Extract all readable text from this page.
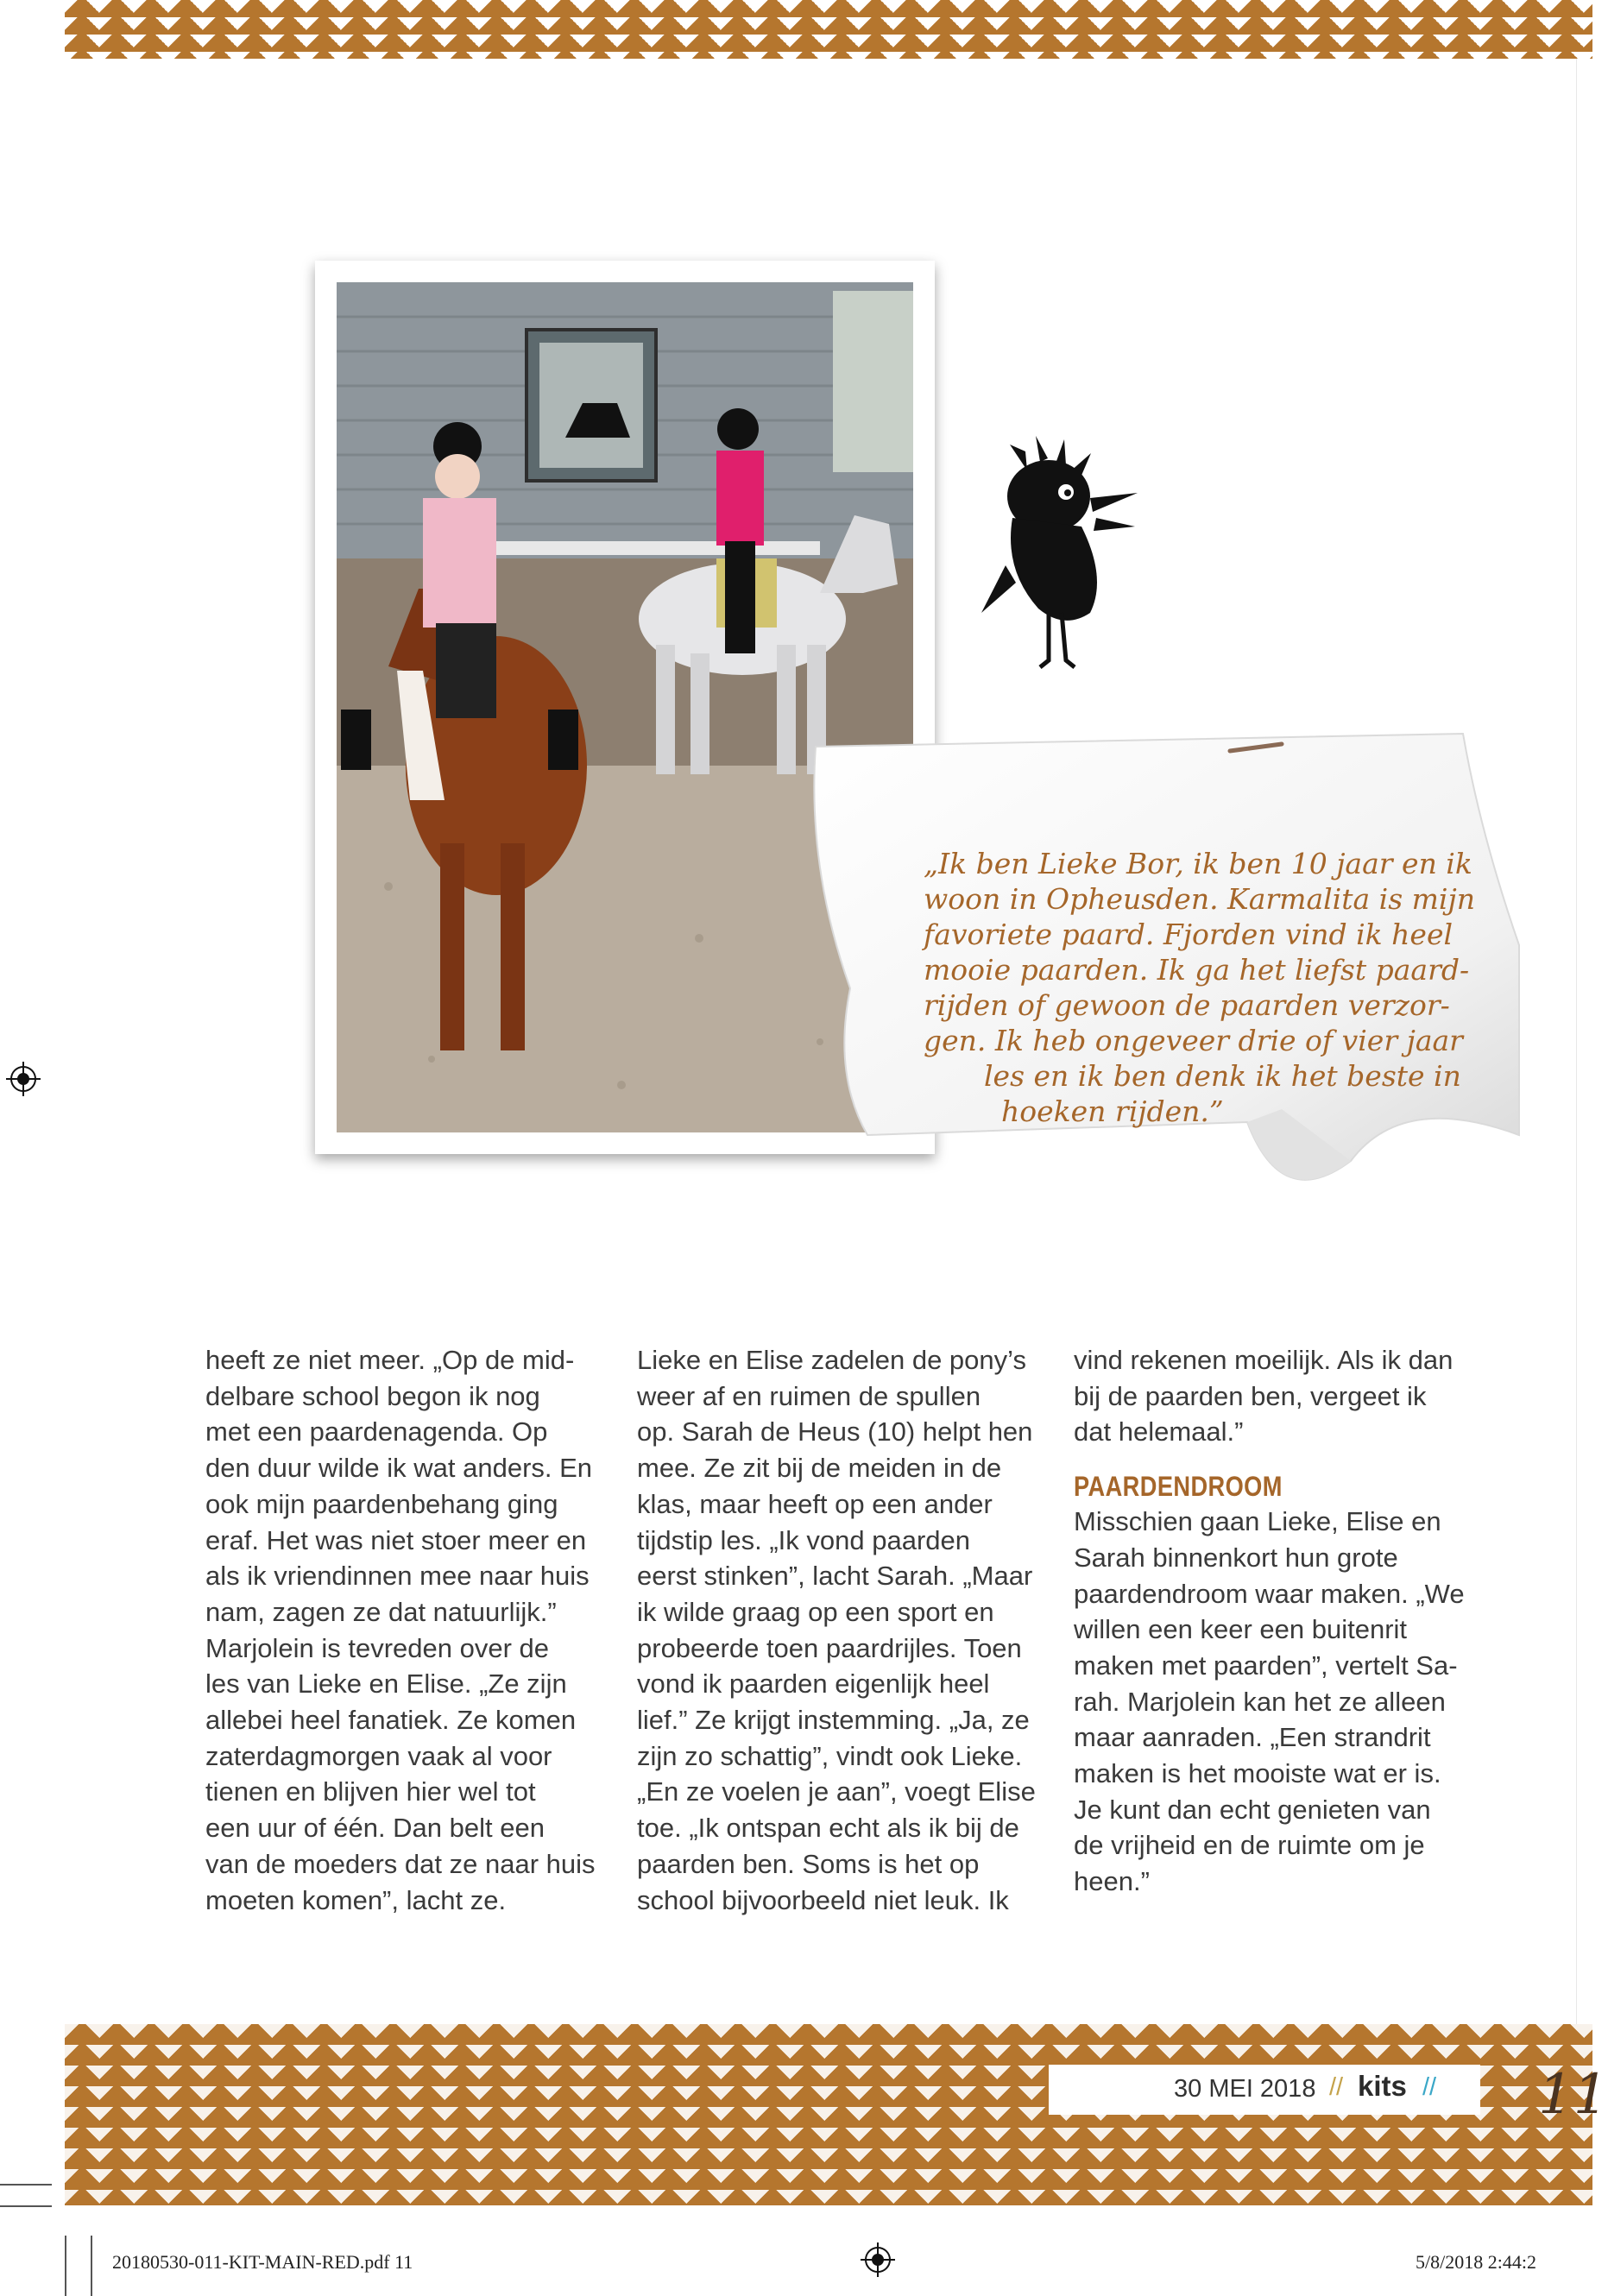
„Ik ben Lieke Bor, ik ben 10 jaar en ik
woon in Opheusden. Karmalita is mijn
favoriete paard. Fjorden vind ik heel
mooie paarden. Ik ga het liefst paard-
rijden of gewoon de paarden verzor-
gen. Ik heb ongeveer drie of vier jaar
les en ik ben denk ik het beste in
hoeken rijden.”
heeft ze niet meer. „Op de mid-
delbare school begon ik nog
met een paardenagenda. Op
den duur wilde ik wat anders. En
ook mijn paardenbehang ging
eraf. Het was niet stoer meer en
als ik vriendinnen mee naar huis
nam, zagen ze dat natuurlijk.”
Marjolein is tevreden over de
les van Lieke en Elise. „Ze zijn
allebei heel fanatiek. Ze komen
zaterdagmorgen vaak al voor
tienen en blijven hier wel tot
een uur of één. Dan belt een
van de moeders dat ze naar huis
moeten komen”, lacht ze.
Lieke en Elise zadelen de pony’s
weer af en ruimen de spullen
op. Sarah de Heus (10) helpt hen
mee. Ze zit bij de meiden in de
klas, maar heeft op een ander
tijdstip les. „Ik vond paarden
eerst stinken”, lacht Sarah. „Maar
ik wilde graag op een sport en
probeerde toen paardrijles. Toen
vond ik paarden eigenlijk heel
lief.” Ze krijgt instemming. „Ja, ze
zijn zo schattig”, vindt ook Lieke.
„En ze voelen je aan”, voegt Elise
toe. „Ik ontspan echt als ik bij de
paarden ben. Soms is het op
school bijvoorbeeld niet leuk. Ik
vind rekenen moeilijk. Als ik dan
bij de paarden ben, vergeet ik
dat helemaal.”
PAARDENDROOM
Misschien gaan Lieke, Elise en
Sarah binnenkort hun grote
paardendroom waar maken. „We
willen een keer een buitenrit
maken met paarden”, vertelt Sa-
rah. Marjolein kan het ze alleen
maar aanraden. „Een strandrit
maken is het mooiste wat er is.
Je kunt dan echt genieten van
de vrijheid en de ruimte om je
heen.”
30 MEI 2018 // kits // 11
20180530-011-KIT-MAIN-RED.pdf 11	5/8/2018 2:44:2
